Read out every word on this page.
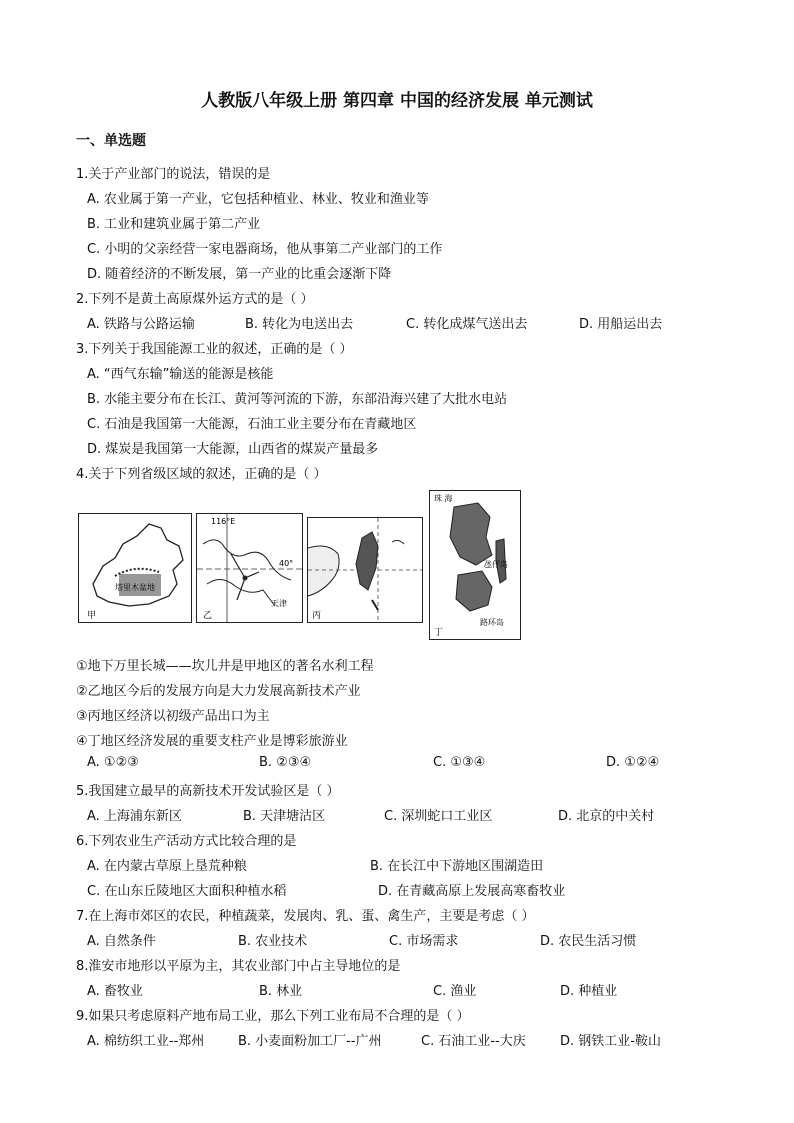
人教版八年级上册 第四章 中国的经济发展 单元测试
一、单选题
1.关于产业部门的说法，错误的是
A. 农业属于第一产业，它包括种植业、林业、牧业和渔业等
B. 工业和建筑业属于第二产业
C. 小明的父亲经营一家电器商场，他从事第二产业部门的工作
D. 随着经济的不断发展，第一产业的比重会逐渐下降
2.下列不是黄土高原煤外运方式的是（ ）
A. 铁路与公路运输	B. 转化为电送出去	C. 转化成煤气送出去	D. 用船运出去
3.下列关于我国能源工业的叙述，正确的是（ ）
A. “西气东输”输送的能源是核能
B. 水能主要分布在长江、黄河等河流的下游，东部沿海兴建了大批水电站
C. 石油是我国第一大能源，石油工业主要分布在青藏地区
D. 煤炭是我国第一大能源，山西省的煤炭产量最多
4.关于下列省级区域的叙述，正确的是（ ）
甲
塔里木盆地
116°E
40°
天津
乙	丙
珠 海
氹仔岛
路环岛
丁
①地下万里长城——坎儿井是甲地区的著名水利工程
②乙地区今后的发展方向是大力发展高新技术产业
③丙地区经济以初级产品出口为主
④丁地区经济发展的重要支柱产业是博彩旅游业
A. ①②③	B. ②③④	C. ①③④	D. ①②④
5.我国建立最早的高新技术开发试验区是（ ）
A. 上海浦东新区	B. 天津塘沽区	C. 深圳蛇口工业区	D. 北京的中关村
6.下列农业生产活动方式比较合理的是
A. 在内蒙古草原上垦荒种粮	B. 在长江中下游地区围湖造田
C. 在山东丘陵地区大面积种植水稻	D. 在青藏高原上发展高寒畜牧业
7.在上海市郊区的农民，种植蔬菜，发展肉、乳、蛋、禽生产，主要是考虑（ ）
A. 自然条件	B. 农业技术	C. 市场需求	D. 农民生活习惯
8.淮安市地形以平原为主，其农业部门中占主导地位的是
A. 畜牧业	B. 林业	C. 渔业	D. 种植业
9.如果只考虑原料产地布局工业，那么下列工业布局不合理的是（ ）
A. 棉纺织工业--郑州	B. 小麦面粉加工厂--广州	C. 石油工业--大庆	D. 钢铁工业-鞍山
